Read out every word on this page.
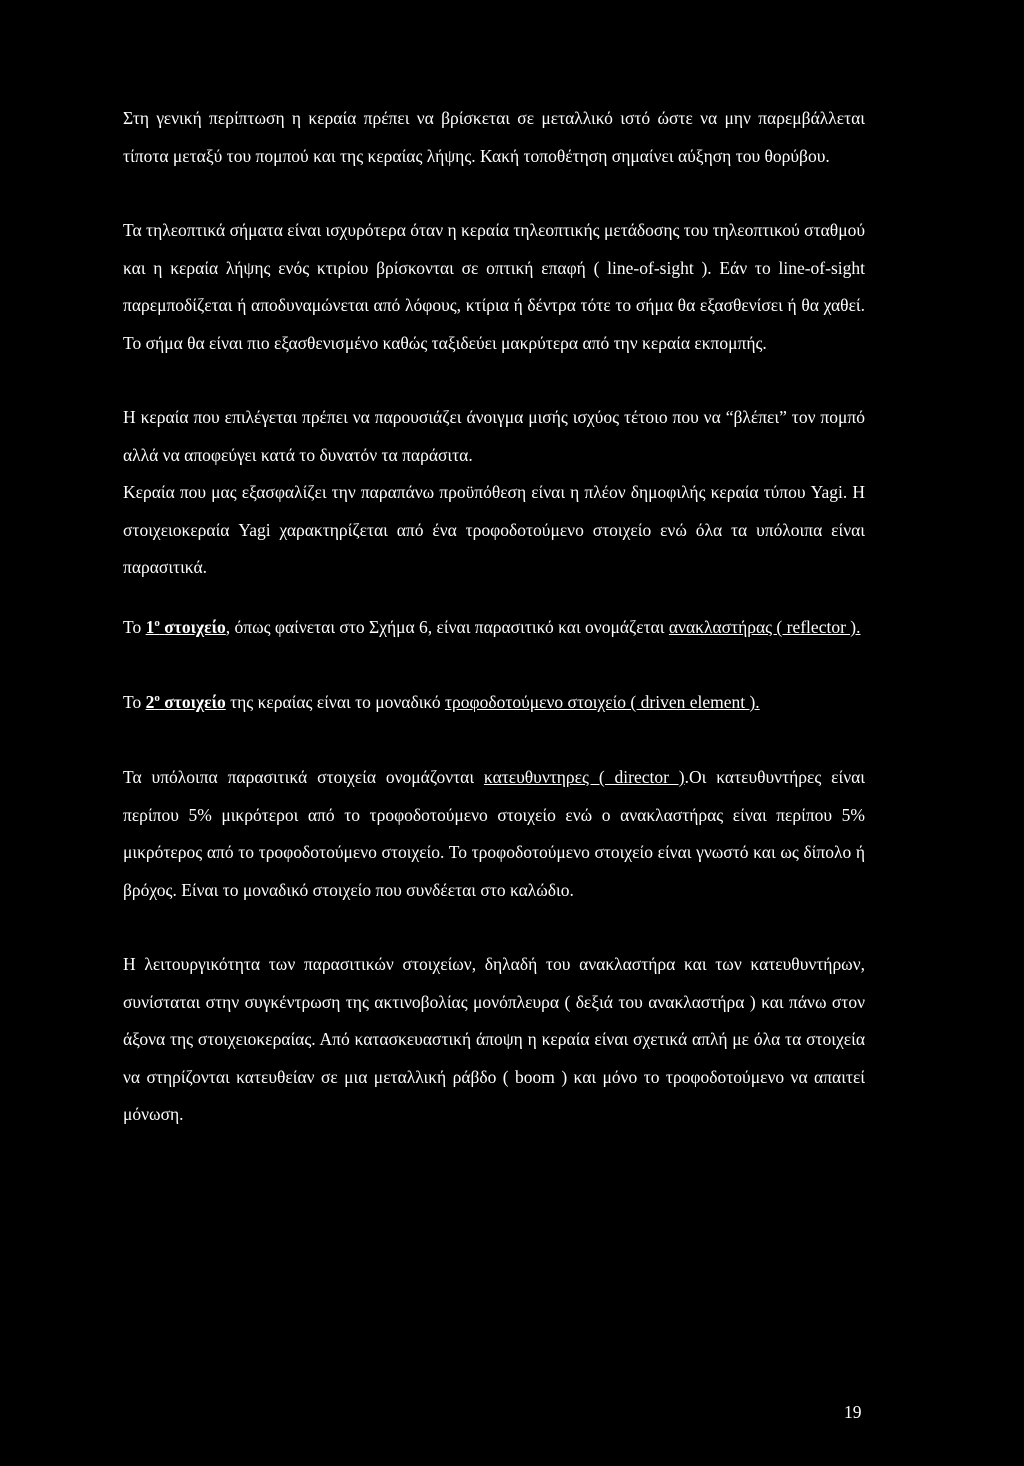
Στη γενική περίπτωση η κεραία πρέπει να βρίσκεται σε μεταλλικό ιστό ώστε να μην παρεμβάλλεται τίποτα μεταξύ του πομπού και της κεραίας λήψης. Κακή τοποθέτηση σημαίνει αύξηση του θορύβου.

Τα τηλεοπτικά σήματα είναι ισχυρότερα όταν η κεραία τηλεοπτικής μετάδοσης του τηλεοπτικού σταθμού και η κεραία λήψης ενός κτιρίου βρίσκονται σε οπτική επαφή ( line-of-sight ). Εάν το line-of-sight παρεμποδίζεται ή αποδυναμώνεται από λόφους, κτίρια ή δέντρα τότε το σήμα θα εξασθενίσει ή θα χαθεί. Το σήμα θα είναι πιο εξασθενισμένο καθώς ταξιδεύει μακρύτερα από την κεραία εκπομπής.

Η κεραία που επιλέγεται πρέπει να παρουσιάζει άνοιγμα μισής ισχύος τέτοιο που να “βλέπει” τον πομπό αλλά να αποφεύγει κατά το δυνατόν τα παράσιτα.

Κεραία που μας εξασφαλίζει την παραπάνω προϋπόθεση είναι η πλέον δημοφιλής κεραία τύπου Yagi. Η στοιχειοκεραία Yagi χαρακτηρίζεται από ένα τροφοδοτούμενο στοιχείο ενώ όλα τα υπόλοιπα είναι παρασιτικά.

Το $1^o$ στοιχείο, όπως φαίνεται στο Σχήμα 6, είναι παρασιτικό και ονομάζεται ανακλαστήρας ( reflector ).

Το $2^o$ στοιχείο της κεραίας είναι το μοναδικό τροφοδοτούμενο στοιχείο ( driven element ).

Τα υπόλοιπα παρασιτικά στοιχεία ονομάζονται κατευθυντηρες ( director ).Οι κατευθυντήρες είναι περίπου 5% μικρότεροι από το τροφοδοτούμενο στοιχείο ενώ ο ανακλαστήρας είναι περίπου 5% μικρότερος από το τροφοδοτούμενο στοιχείο. Το τροφοδοτούμενο στοιχείο είναι γνωστό και ως δίπολο ή βρόχος. Είναι το μοναδικό στοιχείο που συνδέεται στο καλώδιο.

Η λειτουργικότητα των παρασιτικών στοιχείων, δηλαδή του ανακλαστήρα και των κατευθυντήρων, συνίσταται στην συγκέντρωση της ακτινοβολίας μονόπλευρα ( δεξιά του ανακλαστήρα ) και πάνω στον άξονα της στοιχειοκεραίας. Από κατασκευαστική άποψη η κεραία είναι σχετικά απλή με όλα τα στοιχεία να στηρίζονται κατευθείαν σε μια μεταλλική ράβδο ( boom ) και μόνο το τροφοδοτούμενο να απαιτεί μόνωση.

19
